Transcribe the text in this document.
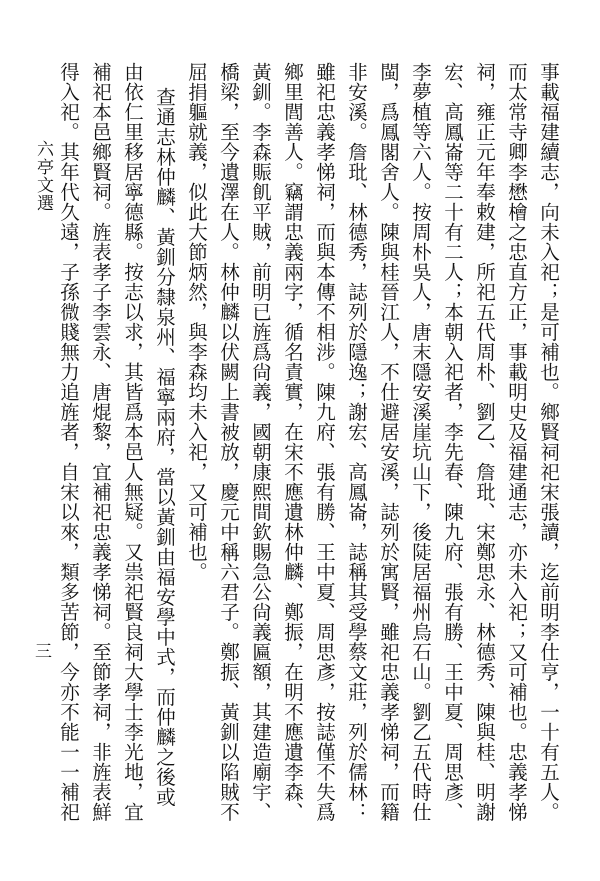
事載福建續志，向未入祀；是可補也。鄉賢祠祀宋張讀，迄前明李仕亨，一十有五人。
而太常寺卿李懋檜之忠直方正，事載明史及福建通志，亦未入祀；又可補也。忠義孝悌
祠，雍正元年奉敕建，所祀五代周朴、劉乙、詹玭、宋鄭思永、林德秀、陳與桂、明謝
宏、高鳳崙等二十有二人；本朝入祀者，李先春、陳九府、張有勝、王中夏、周思彥、
李夢植等六人。按周朴吳人，唐末隱安溪崖坑山下，後陡居福州烏石山。劉乙五代時仕
閩，爲鳳閣舍人。陳與桂晉江人，不仕避居安溪，誌列於寓賢，雖祀忠義孝悌祠，而籍
非安溪。詹玭、林德秀，誌列於隱逸；謝宏、高鳳崙，誌稱其受學蔡文莊，列於儒林：
雖祀忠義孝悌祠，而與本傳不相涉。陳九府、張有勝、王中夏、周思彥，按誌僅不失爲
鄉里閭善人。竊謂忠義兩字，循名責實，在宋不應遺林仲麟、鄭振，在明不應遺李森、
黃釧。李森賑飢平賊，前明已旌爲尙義，國朝康熙間欽賜急公尙義匾額，其建造廟宇、
橋梁，至今遺澤在人。林仲麟以伏闕上書被放，慶元中稱六君子。鄭振、黃釧以陷賊不
屈捐軀就義，似此大節炳然，與李森均未入祀，又可補也。
查通志林仲麟、黃釧分隸泉州、福寧兩府，當以黃釧由福安學中式，而仲麟之後或
由依仁里移居寧德縣。按志以求，其皆爲本邑人無疑。又祟祀賢良祠大學士李光地，宜
補祀本邑鄉賢祠。旌表孝子李雲永、唐焜黎，宜補祀忠義孝悌祠。至節孝祠，非旌表鮮
得入祀。其年代久遠，子孫微賤無力追旌者，自宋以來，類多苦節，今亦不能一一補祀
六亭文選
三
